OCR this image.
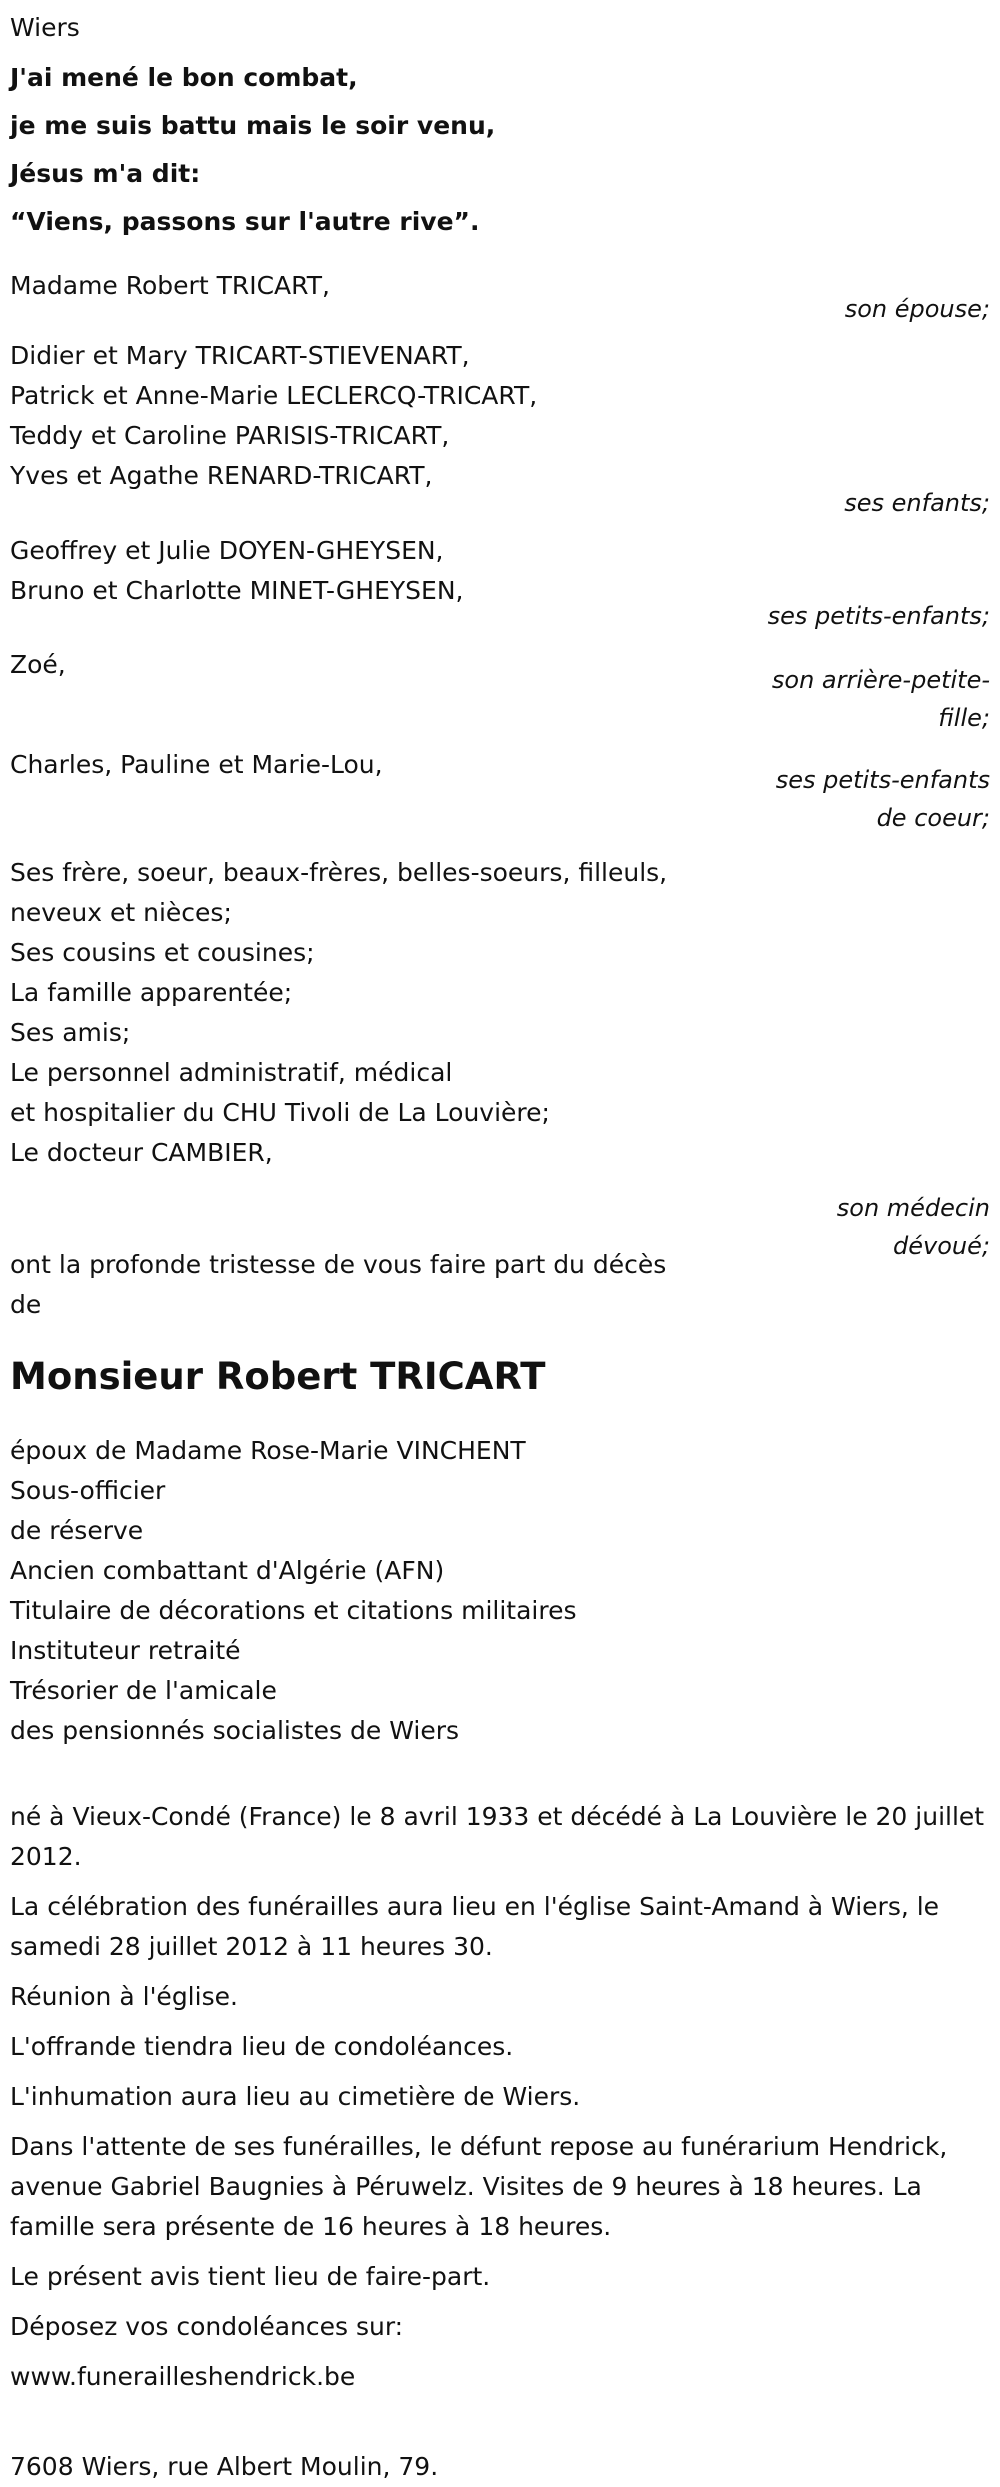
Wiers
J'ai mené le bon combat,
je me suis battu mais le soir venu,
Jésus m'a dit:
“Viens, passons sur l'autre rive”.
Madame Robert TRICART,
son épouse;
Didier et Mary TRICART-STIEVENART,
Patrick et Anne-Marie LECLERCQ-TRICART,
Teddy et Caroline PARISIS-TRICART,
Yves et Agathe RENARD-TRICART,
ses enfants;
Geoffrey et Julie DOYEN-GHEYSEN,
Bruno et Charlotte MINET-GHEYSEN,
ses petits-enfants;
Zoé,
son arrière-petite-
fille;
Charles, Pauline et Marie-Lou,
ses petits-enfants
de coeur;
Ses frère, soeur, beaux-frères, belles-soeurs, filleuls,
neveux et nièces;
Ses cousins et cousines;
La famille apparentée;
Ses amis;
Le personnel administratif, médical
et hospitalier du CHU Tivoli de La Louvière;
Le docteur CAMBIER,
son médecin
dévoué;
ont la profonde tristesse de vous faire part du décès
de
Monsieur Robert TRICART
époux de Madame Rose-Marie VINCHENT
Sous-officier
de réserve
Ancien combattant d'Algérie (AFN)
Titulaire de décorations et citations militaires
Instituteur retraité
Trésorier de l'amicale
des pensionnés socialistes de Wiers
né à Vieux-Condé (France) le 8 avril 1933 et décédé à La Louvière le 20 juillet 2012.
La célébration des funérailles aura lieu en l'église Saint-Amand à Wiers, le samedi 28 juillet 2012 à 11 heures 30.
Réunion à l'église.
L'offrande tiendra lieu de condoléances.
L'inhumation aura lieu au cimetière de Wiers.
Dans l'attente de ses funérailles, le défunt repose au funérarium Hendrick, avenue Gabriel Baugnies à Péruwelz. Visites de 9 heures à 18 heures. La famille sera présente de 16 heures à 18 heures.
Le présent avis tient lieu de faire-part.
Déposez vos condoléances sur:
www.funerailleshendrick.be
7608 Wiers, rue Albert Moulin, 79.
